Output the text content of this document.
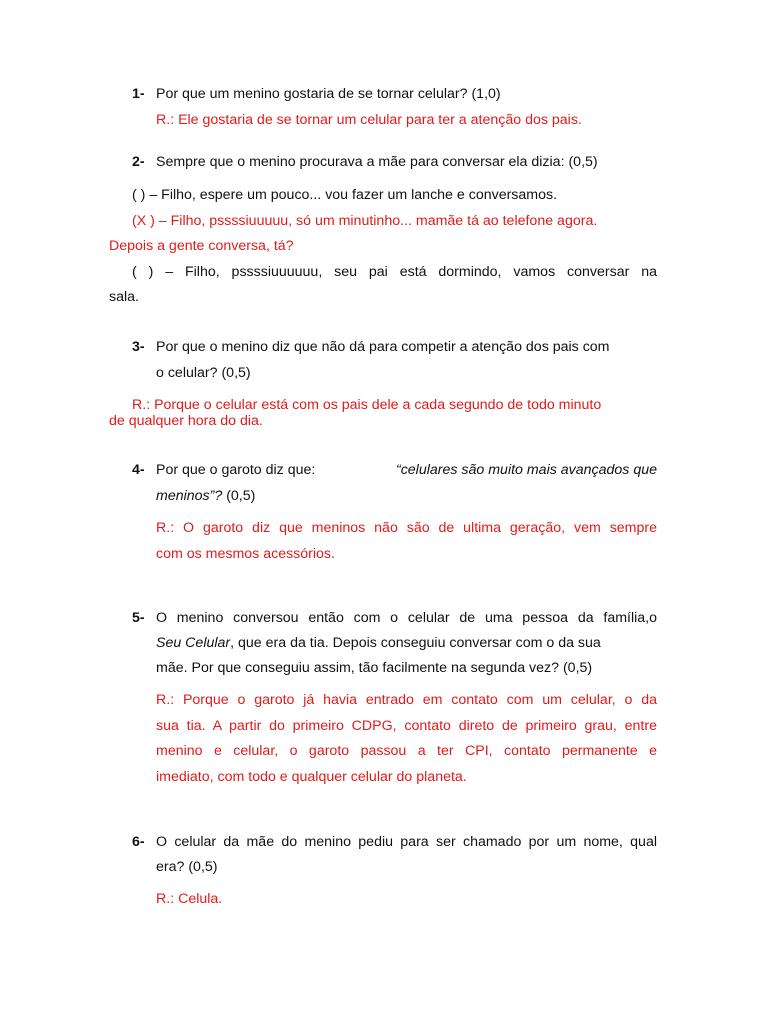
1- Por que um menino gostaria de se tornar celular? (1,0)
R.: Ele gostaria de se tornar um celular para ter a atenção dos pais.
2- Sempre que o menino procurava a mãe para conversar ela dizia: (0,5)
( ) – Filho, espere um pouco... vou fazer um lanche e conversamos.
(X ) – Filho, pssssiuuuuu, só um minutinho... mamãe tá ao telefone agora.
Depois a gente conversa, tá?
( ) – Filho, pssssiuuuuuu, seu pai está dormindo, vamos conversar na
sala.
3- Por que o menino diz que não dá para competir a atenção dos pais com
o celular? (0,5)
R.: Porque o celular está com os pais dele a cada segundo de todo minuto
de qualquer hora do dia.
4- Por que o garoto diz que:	“celulares são muito mais avançados que
meninos”? (0,5)
R.: O garoto diz que meninos não são de ultima geração, vem sempre
com os mesmos acessórios.
5- O menino conversou então com o celular de uma pessoa da família,o
Seu Celular, que era da tia. Depois conseguiu conversar com o da sua
mãe. Por que conseguiu assim, tão facilmente na segunda vez? (0,5)
R.: Porque o garoto já havia entrado em contato com um celular, o da
sua tia. A partir do primeiro CDPG, contato direto de primeiro grau, entre
menino e celular, o garoto passou a ter CPI, contato permanente e
imediato, com todo e qualquer celular do planeta.
6- O celular da mãe do menino pediu para ser chamado por um nome, qual
era? (0,5)
R.: Celula.
